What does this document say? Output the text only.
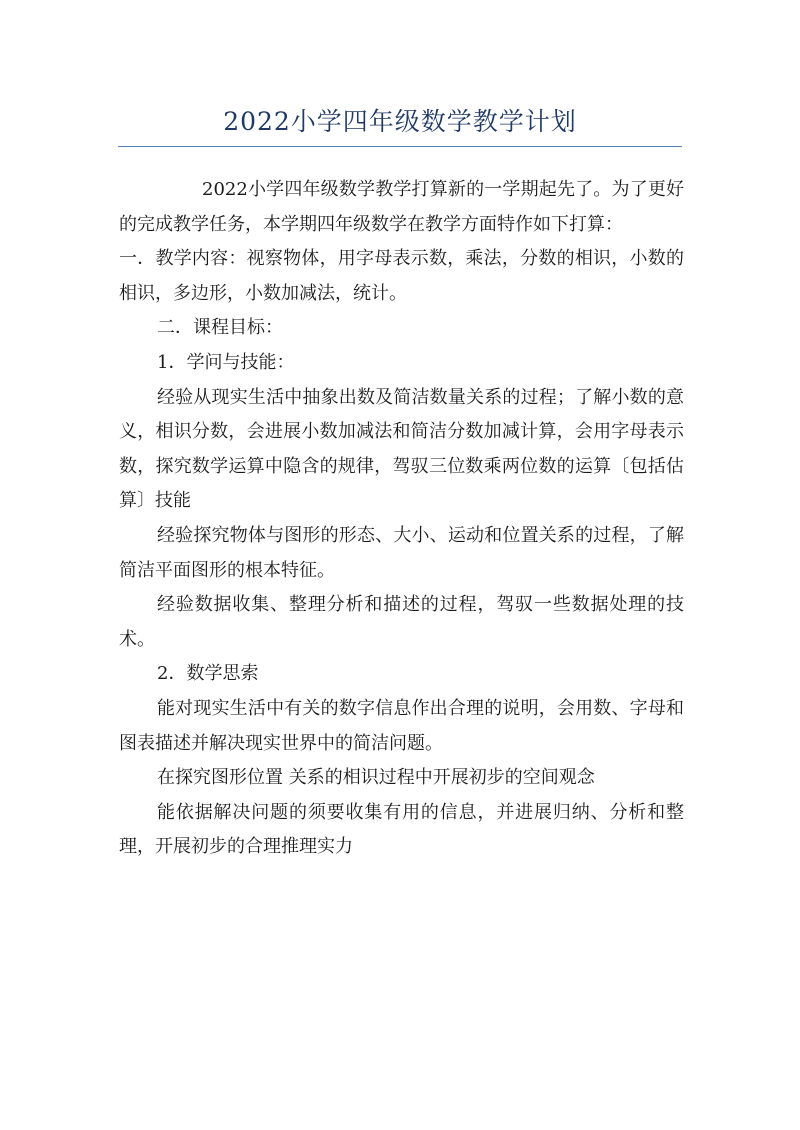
2022小学四年级数学教学计划

2022小学四年级数学教学打算新的一学期起先了。为了更好的完成教学任务，本学期四年级数学在教学方面特作如下打算：

一．教学内容：视察物体，用字母表示数，乘法，分数的相识，小数的相识，多边形，小数加减法，统计。

二．课程目标：

1．学问与技能：

经验从现实生活中抽象出数及简洁数量关系的过程；了解小数的意义，相识分数，会进展小数加减法和简洁分数加减计算，会用字母表示数，探究数学运算中隐含的规律，驾驭三位数乘两位数的运算〔包括估算〕技能

经验探究物体与图形的形态、大小、运动和位置关系的过程，了解简洁平面图形的根本特征。

经验数据收集、整理分析和描述的过程，驾驭一些数据处理的技术。

2．数学思索

能对现实生活中有关的数字信息作出合理的说明，会用数、字母和图表描述并解决现实世界中的简洁问题。

在探究图形位置 关系的相识过程中开展初步的空间观念

能依据解决问题的须要收集有用的信息，并进展归纳、分析和整理，开展初步的合理推理实力
